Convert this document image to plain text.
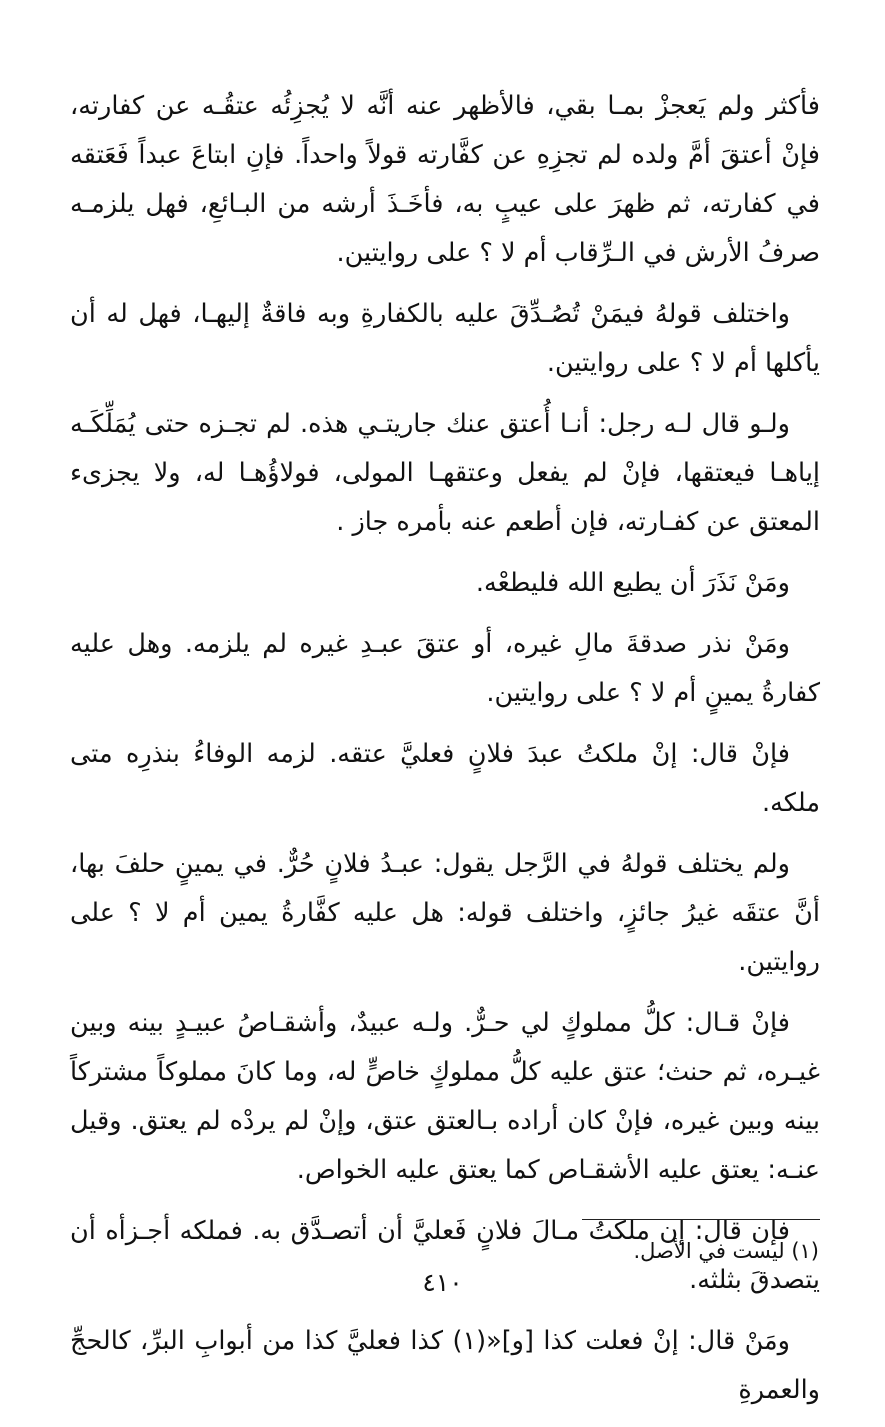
فأكثر ولم يَعجزْ بمـا بقي، فالأظهر عنه أنَّه لا يُجزِئُه عتقُـه عن كفارته، فإنْ أعتقَ أمَّ ولده لم تجزِهِ عن كفَّارته قولاً واحداً. فإنِ ابتاعَ عبداً فَعَتقه في كفارته، ثم ظهرَ على عيبٍ به، فأخَـذَ أرشه من البـائعِ، فهل يلزمـه صرفُ الأرش في الـرِّقاب أم لا ؟ على روايتين.

واختلف قولهُ فيمَنْ تُصُـدِّقَ عليه بالكفارةِ وبه فاقةٌ إليهـا، فهل له أن يأكلها أم لا ؟ على روايتين.

ولـو قال لـه رجل: أنـا أُعتق عنك جاريتـي هذه. لم تجـزه حتى يُمَلِّكَـه إياهـا فيعتقها، فإنْ لم يفعل وعتقهـا المولى، فولاؤُهـا له، ولا يجزىء المعتق عن كفـارته، فإن أطعم عنه بأمره جاز .

ومَنْ نَذَرَ أن يطيع الله فليطعْه.

ومَنْ نذر صدقةَ مالِ غيره، أو عتقَ عبـدِ غيره لم يلزمه. وهل عليه كفارةُ يمينٍ أم لا ؟ على روايتين.

فإنْ قال: إنْ ملكتُ عبدَ فلانٍ فعليَّ عتقه. لزمه الوفاءُ بنذرِه متى ملكه.

ولم يختلف قولهُ في الرَّجل يقول: عبـدُ فلانٍ حُرٌّ. في يمينٍ حلفَ بها، أنَّ عتقَه غيرُ جائزٍ، واختلف قوله: هل عليه كفَّارةُ يمين أم لا ؟ على روايتين.

فإنْ قـال: كلُّ مملوكٍ لي حـرٌّ. ولـه عبيدٌ، وأشقـاصُ عبيـدٍ بينه وبين غيـره، ثم حنث؛ عتق عليه كلُّ مملوكٍ خاصٍّ له، وما كانَ مملوكاً مشتركاً بينه وبين غيره، فإنْ كان أراده بـالعتق عتق، وإنْ لم يردْه لم يعتق. وقيل عنـه: يعتق عليه الأشقـاص كما يعتق عليه الخواص.

فإن قال: إن ملكتُ مـالَ فلانٍ فَعليَّ أن أتصـدَّق به. فملكه أجـزأه أن يتصدقَ بثلثه.

ومَنْ قال: إنْ فعلت كذا [و]«(١) كذا فعليَّ كذا من أبوابِ البرِّ، كالحجِّ والعمرةِ

(١) ليست في الأصل.
٤١٠
